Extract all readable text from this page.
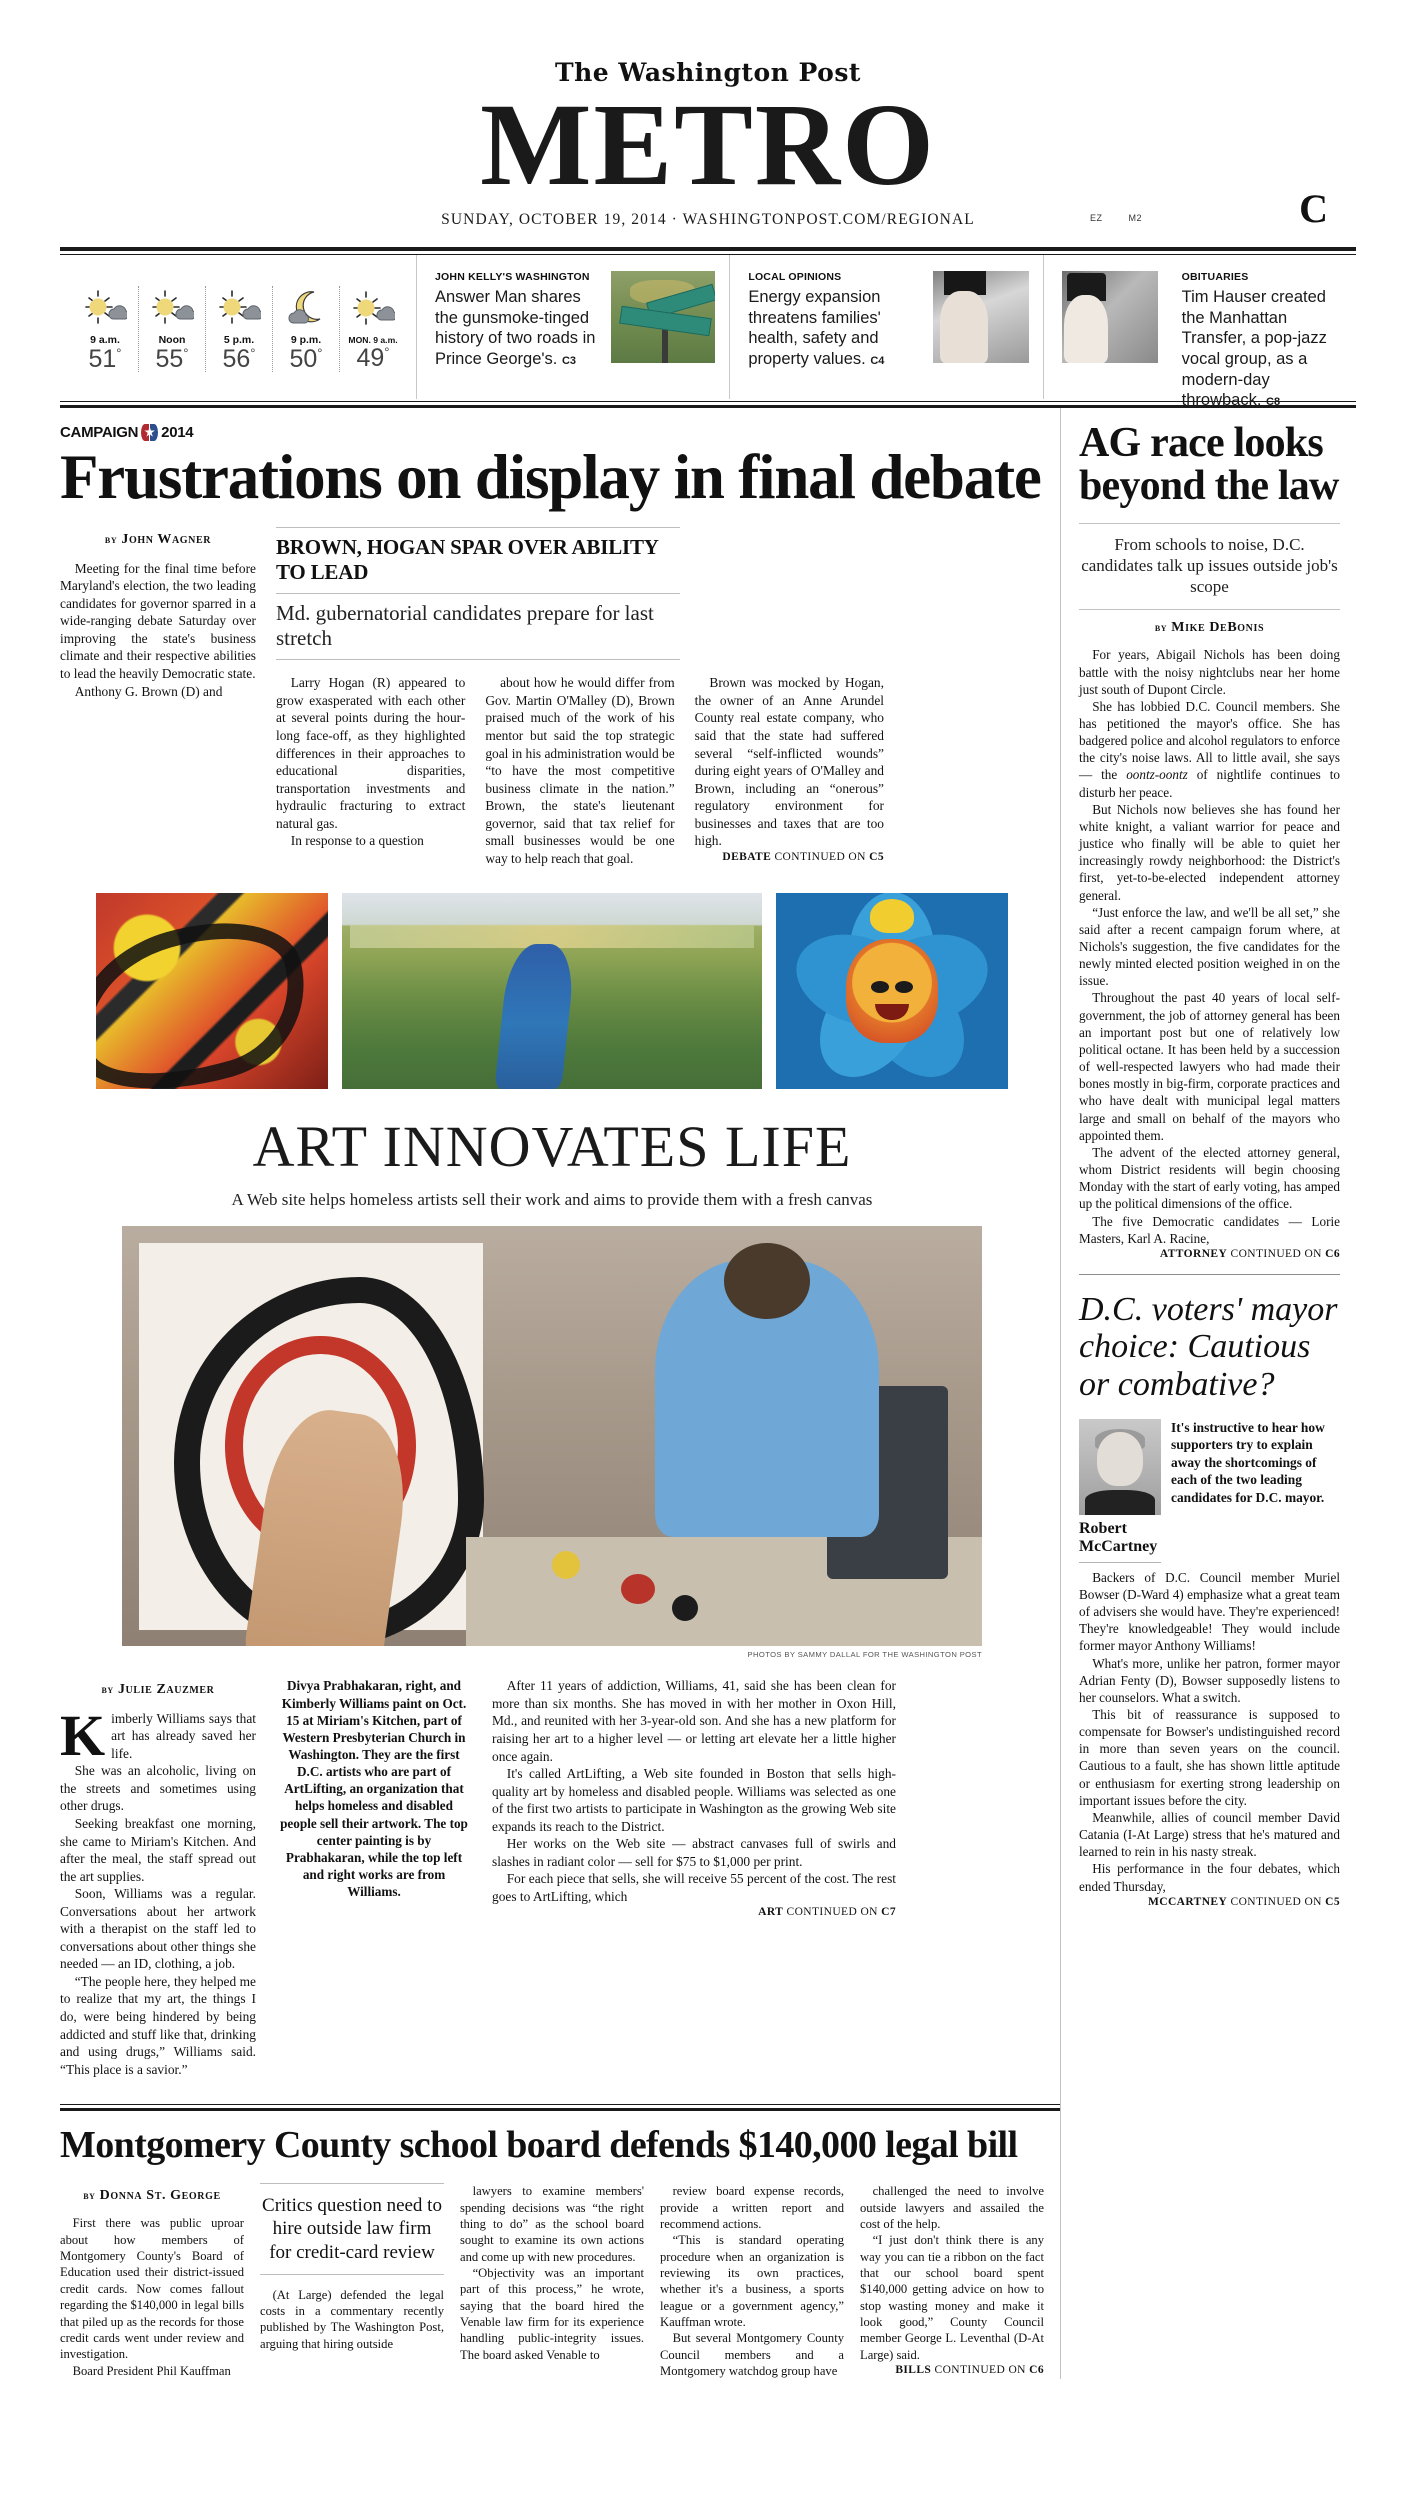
The Washington Post
METRO
SUNDAY, OCTOBER 19, 2014 · WASHINGTONPOST.COM/REGIONAL	EZ	M2	C
9 a.m.
51°
Noon
55°
5 p.m.
56°
9 p.m.
50°
MON. 9 a.m.
49°
JOHN KELLY'S WASHINGTON
Answer Man shares the gunsmoke-tinged history of two roads in Prince George's. C3
LOCAL OPINIONS
Energy expansion threatens families' health, safety and property values. C4
OBITUARIES
Tim Hauser created the Manhattan Transfer, a pop-jazz vocal group, as a modern-day throwback. C8
CAMPAIGN 2014
Frustrations on display in final debate
by John Wagner

Meeting for the final time before Maryland's election, the two leading candidates for governor sparred in a wide-ranging debate Saturday over improving the state's business climate and their respective abilities to lead the heavily Democratic state.

Anthony G. Brown (D) and

BROWN, HOGAN SPAR OVER ABILITY TO LEAD
Md. gubernatorial candidates prepare for last stretch

Larry Hogan (R) appeared to grow exasperated with each other at several points during the hour-long face-off, as they highlighted differences in their approaches to educational disparities, transportation investments and hydraulic fracturing to extract natural gas.

In response to a question

about how he would differ from Gov. Martin O'Malley (D), Brown praised much of the work of his mentor but said the top strategic goal in his administration would be “to have the most competitive business climate in the nation.” Brown, the state's lieutenant governor, said that tax relief for small businesses would be one way to help reach that goal.

Brown was mocked by Hogan, the owner of an Anne Arundel County real estate company, who said that the state had suffered several “self-inflicted wounds” during eight years of O'Malley and Brown, including an “onerous” regulatory environment for businesses and taxes that are too high.

DEBATE CONTINUED ON C5

ART INNOVATES LIFE
A Web site helps homeless artists sell their work and aims to provide them with a fresh canvas
PHOTOS BY SAMMY DALLAL FOR THE WASHINGTON POST
by Julie Zauzmer

Kimberly Williams says that art has already saved her life.

She was an alcoholic, living on the streets and sometimes using other drugs.

Seeking breakfast one morning, she came to Miriam's Kitchen. And after the meal, the staff spread out the art supplies.

Soon, Williams was a regular. Conversations about her artwork with a therapist on the staff led to conversations about other things she needed — an ID, clothing, a job.

“The people here, they helped me to realize that my art, the things I do, were being hindered by being addicted and stuff like that, drinking and using drugs,” Williams said. “This place is a savior.”

Divya Prabhakaran, right, and Kimberly Williams paint on Oct. 15 at Miriam's Kitchen, part of Western Presbyterian Church in Washington. They are the first D.C. artists who are part of ArtLifting, an organization that helps homeless and disabled people sell their artwork. The top center painting is by Prabhakaran, while the top left and right works are from Williams.

After 11 years of addiction, Williams, 41, said she has been clean for more than six months. She has moved in with her mother in Oxon Hill, Md., and reunited with her 3-year-old son. And she has a new platform for raising her art to a higher level — or letting art elevate her a little higher once again.

It's called ArtLifting, a Web site founded in Boston that sells high-quality art by homeless and disabled people. Williams was selected as one of the first two artists to participate in Washington as the growing Web site expands its reach to the District.

Her works on the Web site — abstract canvases full of swirls and slashes in radiant color — sell for $75 to $1,000 per print.

For each piece that sells, she will receive 55 percent of the cost. The rest goes to ArtLifting, which

ART CONTINUED ON C7

Montgomery County school board defends $140,000 legal bill
by Donna St. George

First there was public uproar about how members of Montgomery County's Board of Education used their district-issued credit cards. Now comes fallout regarding the $140,000 in legal bills that piled up as the records for those credit cards went under review and investigation.

Board President Phil Kauffman

Critics question need to hire outside law firm for credit-card review

(At Large) defended the legal costs in a commentary recently published by The Washington Post, arguing that hiring outside

lawyers to examine members' spending decisions was “the right thing to do” as the school board sought to examine its own actions and come up with new procedures.

“Objectivity was an important part of this process,” he wrote, saying that the board hired the Venable law firm for its experience handling public-integrity issues. The board asked Venable to

review board expense records, provide a written report and recommend actions.

“This is standard operating procedure when an organization is reviewing its own practices, whether it's a business, a sports league or a government agency,” Kauffman wrote.

But several Montgomery County Council members and a Montgomery watchdog group have

challenged the need to involve outside lawyers and assailed the cost of the help.

“I just don't think there is any way you can tie a ribbon on the fact that our school board spent $140,000 getting advice on how to stop wasting money and make it look good,” County Council member George L. Leventhal (D-At Large) said.

BILLS CONTINUED ON C6

AG race looks beyond the law
From schools to noise, D.C. candidates talk up issues outside job's scope
by Mike DeBonis

For years, Abigail Nichols has been doing battle with the noisy nightclubs near her home just south of Dupont Circle.

She has lobbied D.C. Council members. She has petitioned the mayor's office. She has badgered police and alcohol regulators to enforce the city's noise laws. All to little avail, she says — the oontz-oontz of nightlife continues to disturb her peace.

But Nichols now believes she has found her white knight, a valiant warrior for peace and justice who finally will be able to quiet her increasingly rowdy neighborhood: the District's first, yet-to-be-elected independent attorney general.

“Just enforce the law, and we'll be all set,” she said after a recent campaign forum where, at Nichols's suggestion, the five candidates for the newly minted elected position weighed in on the issue.

Throughout the past 40 years of local self-government, the job of attorney general has been an important post but one of relatively low political octane. It has been held by a succession of well-respected lawyers who had made their bones mostly in big-firm, corporate practices and who have dealt with municipal legal matters large and small on behalf of the mayors who appointed them.

The advent of the elected attorney general, whom District residents will begin choosing Monday with the start of early voting, has amped up the political dimensions of the office.

The five Democratic candidates — Lorie Masters, Karl A. Racine,

ATTORNEY CONTINUED ON C6

D.C. voters' mayor choice: Cautious or combative?
Robert McCartney
It's instructive to hear how supporters try to explain away the shortcomings of each of the two leading candidates for D.C. mayor.

Backers of D.C. Council member Muriel Bowser (D-Ward 4) emphasize what a great team of advisers she would have. They're experienced! They're knowledgeable! They would include former mayor Anthony Williams!

What's more, unlike her patron, former mayor Adrian Fenty (D), Bowser supposedly listens to her counselors. What a switch.

This bit of reassurance is supposed to compensate for Bowser's undistinguished record in more than seven years on the council. Cautious to a fault, she has shown little aptitude or enthusiasm for exerting strong leadership on important issues before the city.

Meanwhile, allies of council member David Catania (I-At Large) stress that he's matured and learned to rein in his nasty streak.

His performance in the four debates, which ended Thursday,

MCCARTNEY CONTINUED ON C5
